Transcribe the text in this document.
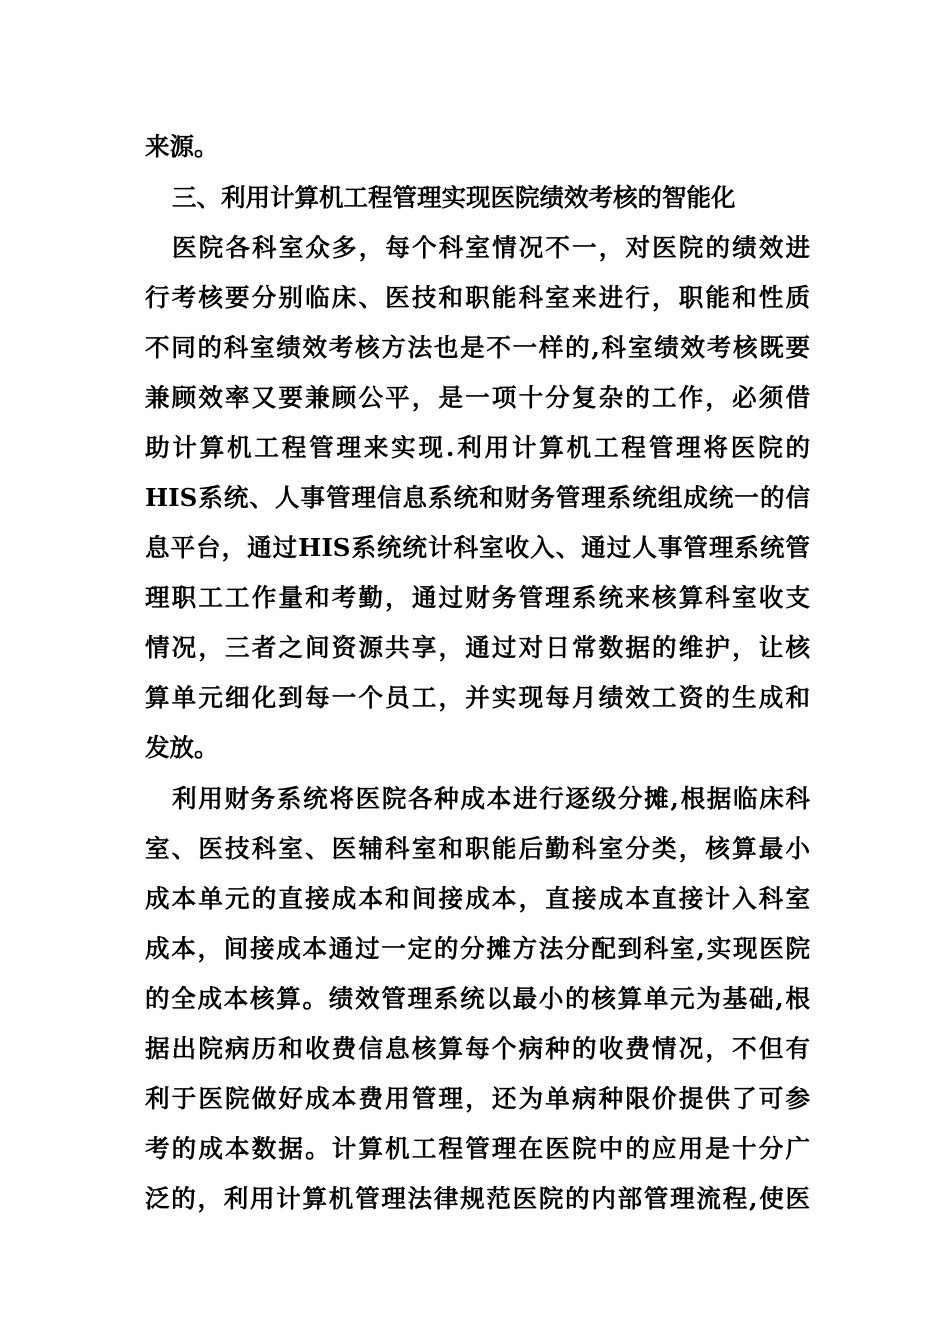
来源。
三、利用计算机工程管理实现医院绩效考核的智能化
医院各科室众多，每个科室情况不一，对医院的绩效进
行考核要分别临床、医技和职能科室来进行，职能和性质
不同的科室绩效考核方法也是不一样的,科室绩效考核既要
兼顾效率又要兼顾公平，是一项十分复杂的工作，必须借
助计算机工程管理来实现.利用计算机工程管理将医院的
HIS系统、人事管理信息系统和财务管理系统组成统一的信
息平台，通过HIS系统统计科室收入、通过人事管理系统管
理职工工作量和考勤，通过财务管理系统来核算科室收支
情况，三者之间资源共享，通过对日常数据的维护，让核
算单元细化到每一个员工，并实现每月绩效工资的生成和
发放。
利用财务系统将医院各种成本进行逐级分摊,根据临床科
室、医技科室、医辅科室和职能后勤科室分类，核算最小
成本单元的直接成本和间接成本，直接成本直接计入科室
成本，间接成本通过一定的分摊方法分配到科室,实现医院
的全成本核算。绩效管理系统以最小的核算单元为基础,根
据出院病历和收费信息核算每个病种的收费情况，不但有
利于医院做好成本费用管理，还为单病种限价提供了可参
考的成本数据。计算机工程管理在医院中的应用是十分广
泛的，利用计算机管理法律规范医院的内部管理流程,使医
